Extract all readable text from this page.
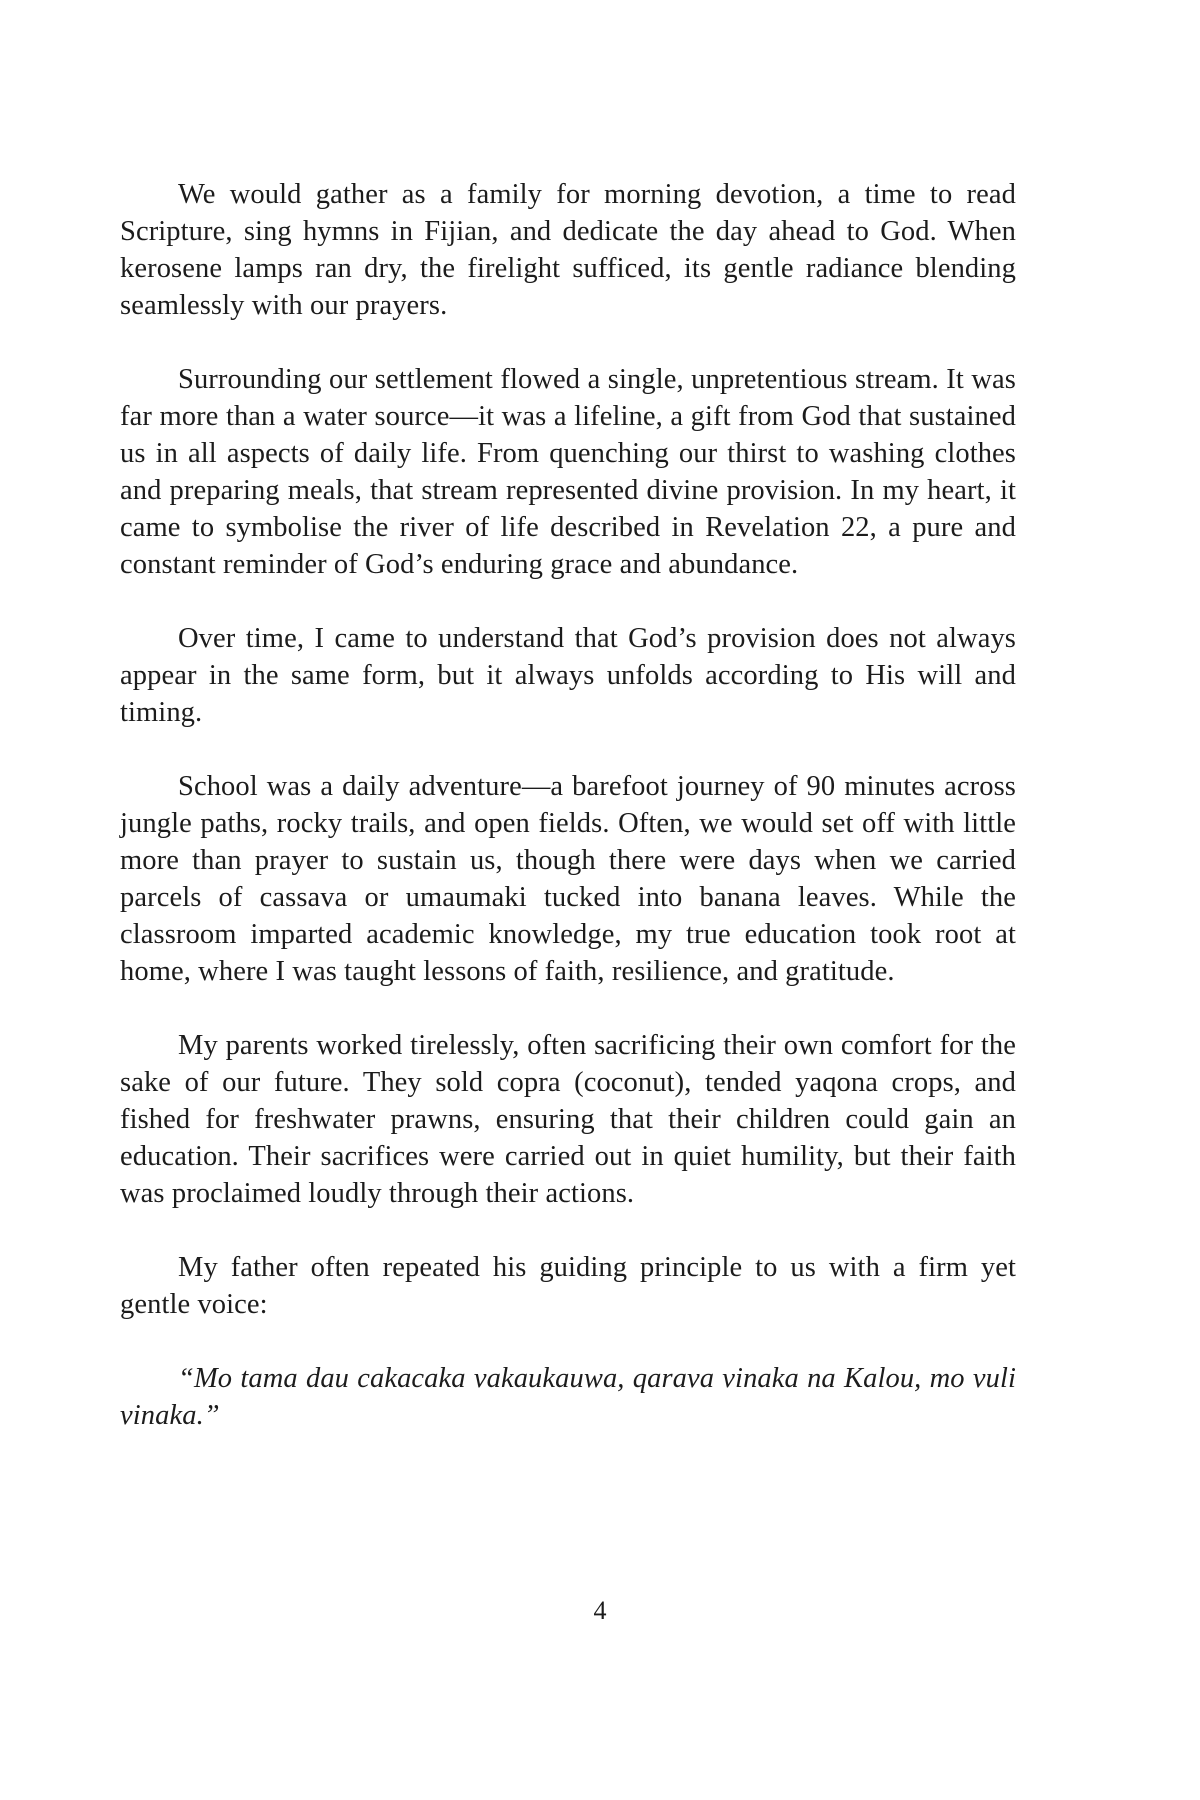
We would gather as a family for morning devotion, a time to read Scripture, sing hymns in Fijian, and dedicate the day ahead to God. When kerosene lamps ran dry, the firelight sufficed, its gentle radiance blending seamlessly with our prayers.

Surrounding our settlement flowed a single, unpretentious stream. It was far more than a water source—it was a lifeline, a gift from God that sustained us in all aspects of daily life. From quenching our thirst to washing clothes and preparing meals, that stream represented divine provision. In my heart, it came to symbolise the river of life described in Revelation 22, a pure and constant reminder of God’s enduring grace and abundance.

Over time, I came to understand that God’s provision does not always appear in the same form, but it always unfolds according to His will and timing.

School was a daily adventure—a barefoot journey of 90 minutes across jungle paths, rocky trails, and open fields. Often, we would set off with little more than prayer to sustain us, though there were days when we carried parcels of cassava or umaumaki tucked into banana leaves. While the classroom imparted academic knowledge, my true education took root at home, where I was taught lessons of faith, resilience, and gratitude.

My parents worked tirelessly, often sacrificing their own comfort for the sake of our future. They sold copra (coconut), tended yaqona crops, and fished for freshwater prawns, ensuring that their children could gain an education. Their sacrifices were carried out in quiet humility, but their faith was proclaimed loudly through their actions.

My father often repeated his guiding principle to us with a firm yet gentle voice:

“Mo tama dau cakacaka vakaukauwa, qarava vinaka na Kalou, mo vuli vinaka.”

4
